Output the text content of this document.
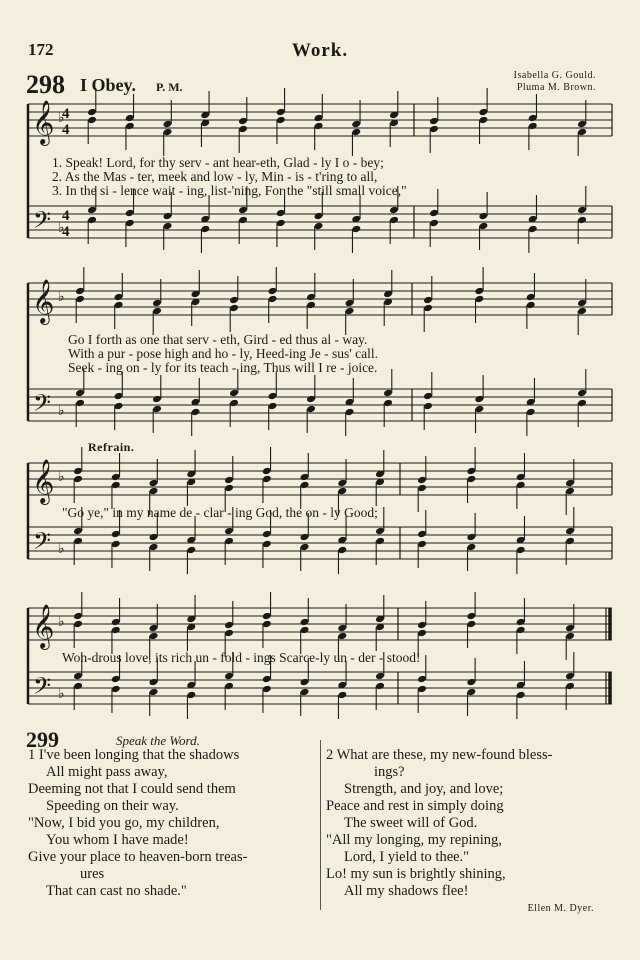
172	Work.
298 I Obey. P. M.
Isabella G. Gould.
Pluma M. Brown.
𝄞
𝄢
♭
♭
4
4
4
4
𝄞
𝄢
♭
♭
𝄞
𝄢
♭
♭
𝄞
𝄢
♭
♭
1. Speak! Lord, for thy serv - ant hear-eth, Glad - ly I o - bey;
2. As the Mas - ter, meek and low - ly, Min - is - t'ring to all,
3. In the si - lence wait - ing, list-'ning, For the "still small voice,"
Go I forth as one that serv - eth, Gird - ed thus al - way.
With a pur - pose high and ho - ly, Heed-ing Je - sus' call.
Seek - ing on - ly for its teach - ing, Thus will I re - joice.
Refrain.
"Go ye," in my name de - clar - ing God, the on - ly Good;
Won-drous love, its rich un - fold - ings Scarce-ly un - der - stood!
299	Speak the Word.
1 I've been longing that the shadows
All might pass away,
Deeming not that I could send them
Speeding on their way.
"Now, I bid you go, my children,
You whom I have made!
Give your place to heaven-born treas-
ures
That can cast no shade."
2 What are these, my new-found bless-
ings?
Strength, and joy, and love;
Peace and rest in simply doing
The sweet will of God.
"All my longing, my repining,
Lord, I yield to thee."
Lo! my sun is brightly shining,
All my shadows flee!
Ellen M. Dyer.
